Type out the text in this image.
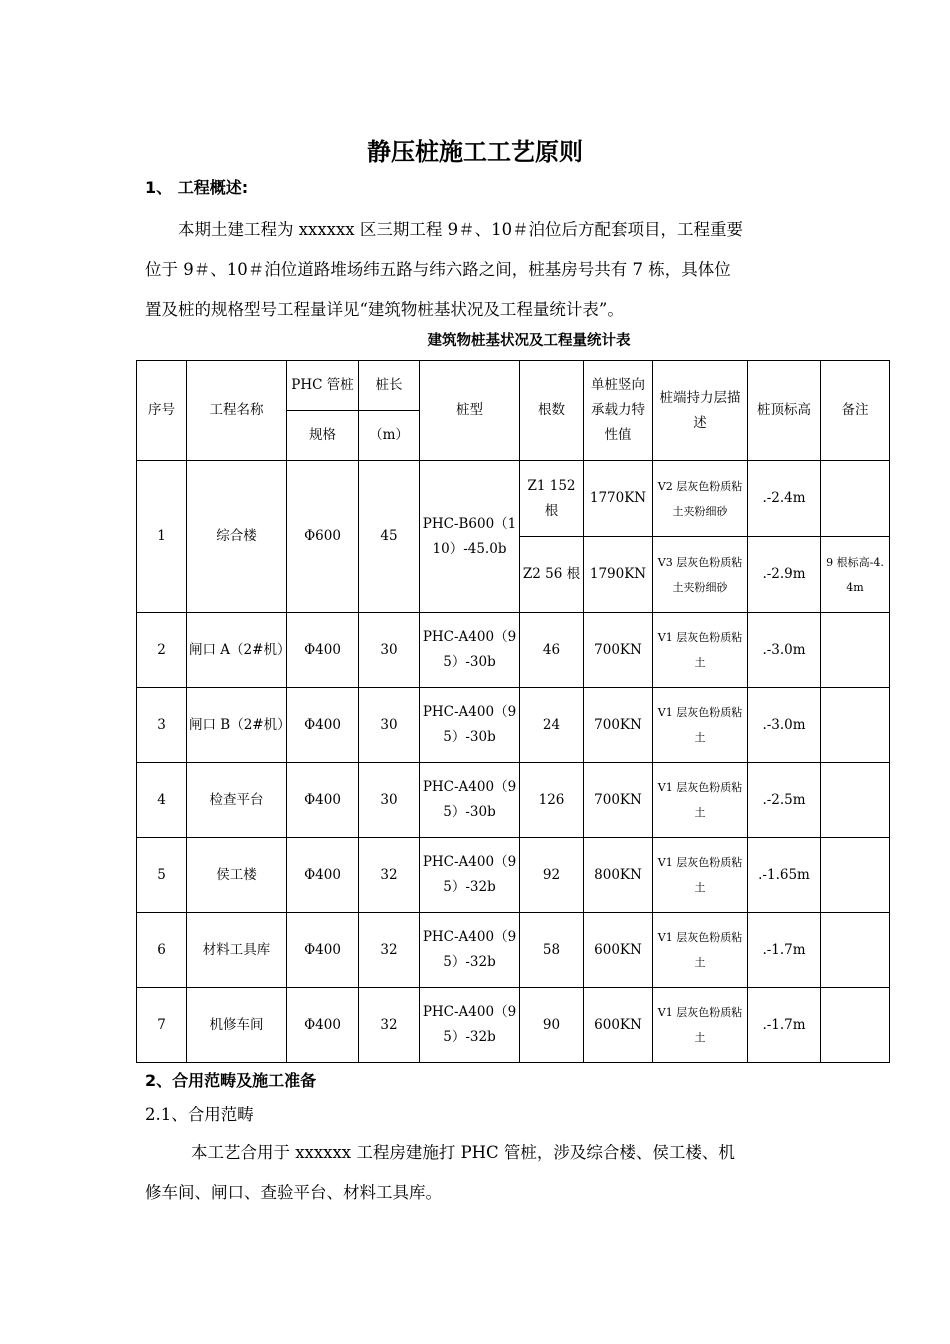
静压桩施工工艺原则
1、 工程概述:
本期土建工程为 xxxxxx 区三期工程 9＃、10＃泊位后方配套项目，工程重要
位于 9＃、10＃泊位道路堆场纬五路与纬六路之间，桩基房号共有 7 栋，具体位
置及桩的规格型号工程量详见“建筑物桩基状况及工程量统计表”。
建筑物桩基状况及工程量统计表
序号	工程名称	PHC 管桩	桩长	桩型	根数	单桩竖向承载力特性值	桩端持力层描述	桩顶标高	备注
		规格	（m）						
1	综合楼	Φ600	45	PHC-B600（110）-45.0b	Z1 152 根	1770KN	V2 层灰色粉质粘土夹粉细砂	.-2.4m	
					Z2 56 根	1790KN	V3 层灰色粉质粘土夹粉细砂	.-2.9m	9 根标高-4.4m
2	闸口 A（2#机）	Φ400	30	PHC-A400（95）-30b	46	700KN	V1 层灰色粉质粘土	.-3.0m	
3	闸口 B（2#机）	Φ400	30	PHC-A400（95）-30b	24	700KN	V1 层灰色粉质粘土	.-3.0m	
4	检查平台	Φ400	30	PHC-A400（95）-30b	126	700KN	V1 层灰色粉质粘土	.-2.5m	
5	侯工楼	Φ400	32	PHC-A400（95）-32b	92	800KN	V1 层灰色粉质粘土	.-1.65m	
6	材料工具库	Φ400	32	PHC-A400（95）-32b	58	600KN	V1 层灰色粉质粘土	.-1.7m	
7	机修车间	Φ400	32	PHC-A400（95）-32b	90	600KN	V1 层灰色粉质粘土	.-1.7m	
2、合用范畴及施工准备
2.1、合用范畴
本工艺合用于 xxxxxx 工程房建施打 PHC 管桩，涉及综合楼、侯工楼、机
修车间、闸口、查验平台、材料工具库。
